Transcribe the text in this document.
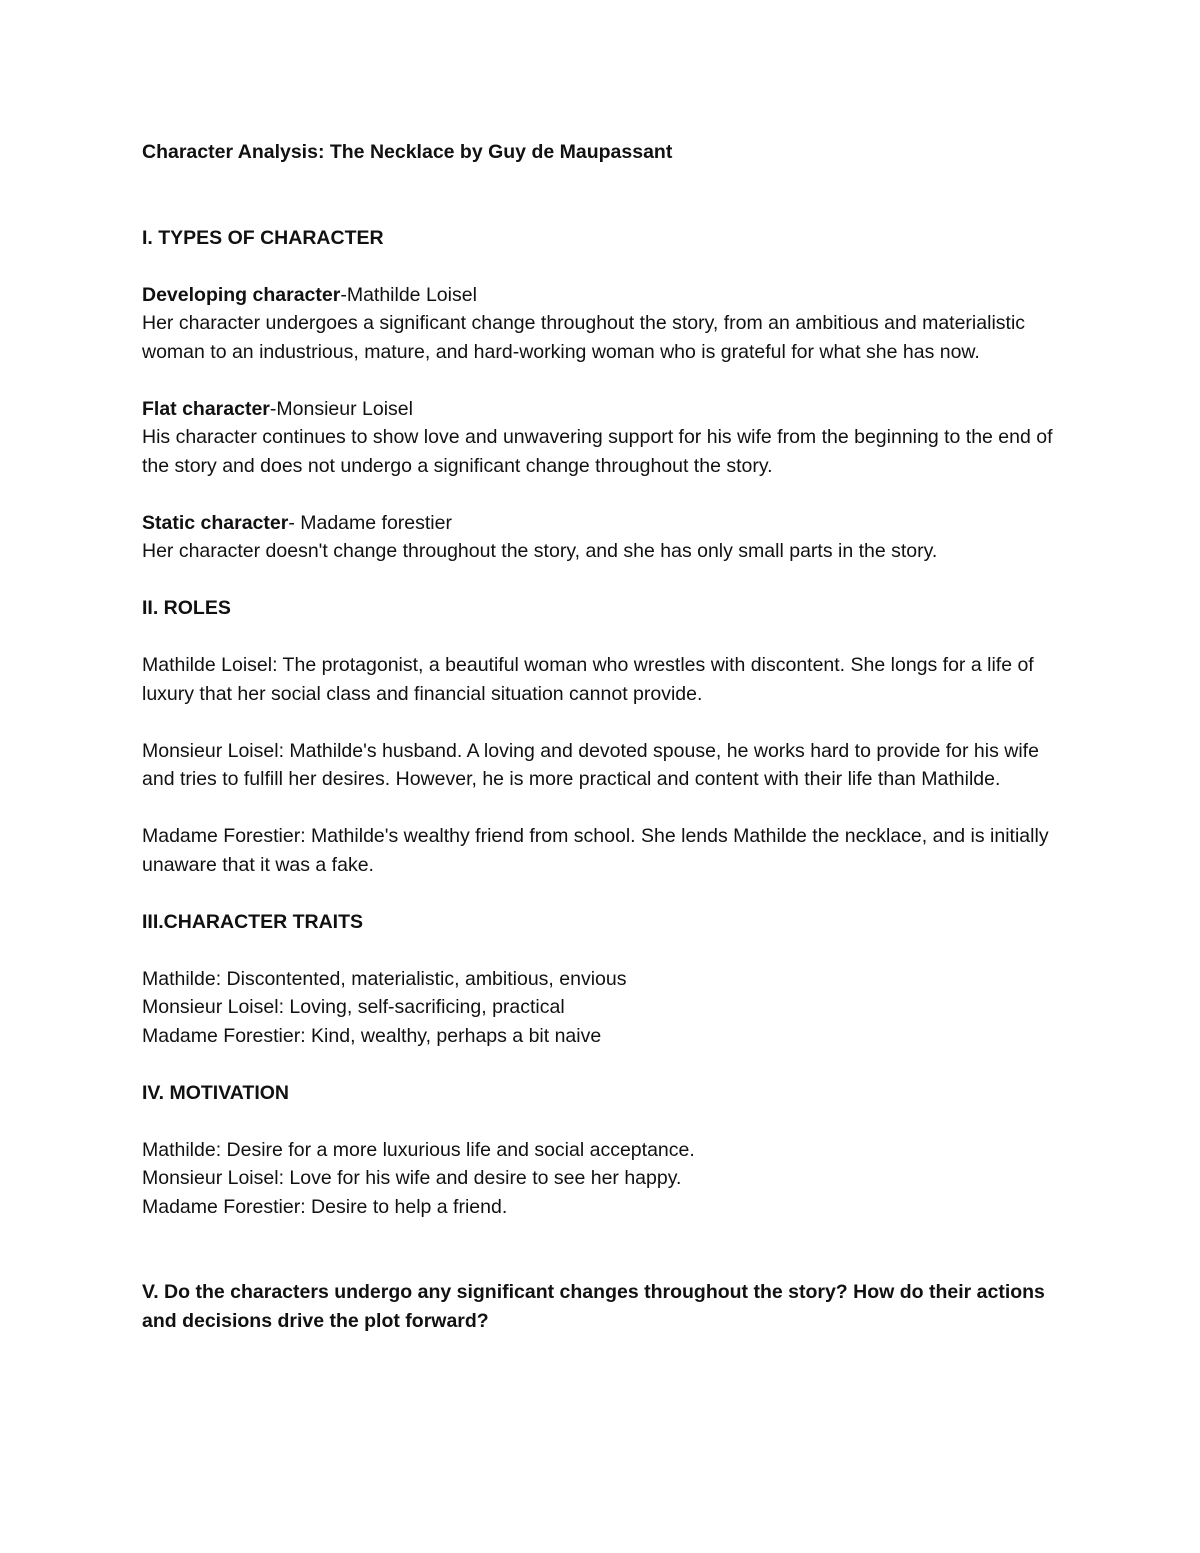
Character Analysis: The Necklace by Guy de Maupassant
I. TYPES OF CHARACTER
Developing character-Mathilde Loisel
Her character undergoes a significant change throughout the story, from an ambitious and materialistic woman to an industrious, mature, and hard-working woman who is grateful for what she has now.
Flat character-Monsieur Loisel
His character continues to show love and unwavering support for his wife from the beginning to the end of the story and does not undergo a significant change throughout the story.
Static character- Madame forestier
Her character doesn't change throughout the story, and she has only small parts in the story.
II. ROLES
Mathilde Loisel: The protagonist, a beautiful woman who wrestles with discontent. She longs for a life of luxury that her social class and financial situation cannot provide.
Monsieur Loisel: Mathilde's husband. A loving and devoted spouse, he works hard to provide for his wife and tries to fulfill her desires. However, he is more practical and content with their life than Mathilde.
Madame Forestier: Mathilde's wealthy friend from school. She lends Mathilde the necklace, and is initially unaware that it was a fake.
III.CHARACTER TRAITS
Mathilde: Discontented, materialistic, ambitious, envious
Monsieur Loisel: Loving, self-sacrificing, practical
Madame Forestier: Kind, wealthy, perhaps a bit naive
IV. MOTIVATION
Mathilde: Desire for a more luxurious life and social acceptance.
Monsieur Loisel: Love for his wife and desire to see her happy.
Madame Forestier: Desire to help a friend.
V. Do the characters undergo any significant changes throughout the story? How do their actions and decisions drive the plot forward?
